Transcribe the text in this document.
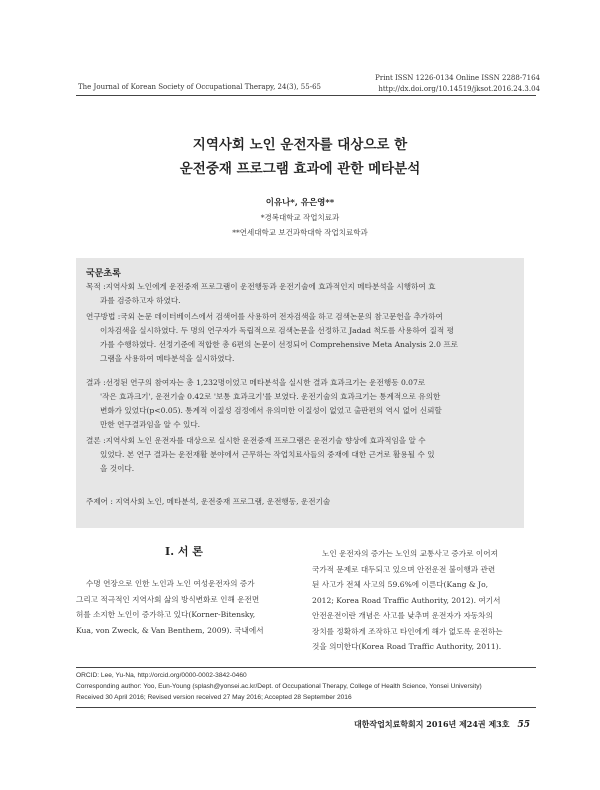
The Journal of Korean Society of Occupational Therapy, 24(3), 55-65
Print ISSN 1226-0134 Online ISSN 2288-7164
http://dx.doi.org/10.14519/jksot.2016.24.3.04
지역사회 노인 운전자를 대상으로 한
운전중재 프로그램 효과에 관한 메타분석
이유나*, 유은영**
*경복대학교 작업치료과
**연세대학교 보건과학대학 작업치료학과
국문초록

목적 :지역사회 노인에게 운전중재 프로그램이 운전행동과 운전기술에 효과적인지 메타분석을 시행하여 효

과를 검증하고자 하였다.

연구방법 :국외 논문 데이터베이스에서 검색어를 사용하여 전자검색을 하고 검색논문의 참고문헌을 추가하여

이차검색을 실시하였다. 두 명의 연구자가 독립적으로 검색논문을 선정하고 Jadad 척도를 사용하여 질적 평

가를 수행하였다. 선정기준에 적합한 총 6편의 논문이 선정되어 Comprehensive Meta Analysis 2.0 프로

그램을 사용하여 메타분석을 실시하였다.

결과 :선정된 연구의 참여자는 총 1,232명이었고 메타분석을 실시한 결과 효과크기는 운전행동 0.07로

'작은 효과크기', 운전기술 0.42로 '보통 효과크기'를 보였다. 운전기술의 효과크기는 통계적으로 유의한

변화가 있었다(p<0.05). 통계적 이질성 검정에서 유의미한 이질성이 없었고 출판편의 역시 없어 신뢰할

만한 연구결과임을 알 수 있다.

결론 :지역사회 노인 운전자를 대상으로 실시한 운전중재 프로그램은 운전기술 향상에 효과적임을 알 수

있었다. 본 연구 결과는 운전재활 분야에서 근무하는 작업치료사들의 중재에 대한 근거로 활용될 수 있

을 것이다.

주제어 : 지역사회 노인, 메타분석, 운전중재 프로그램, 운전행동, 운전기술
Ⅰ. 서 론

수명 연장으로 인한 노인과 노인 여성운전자의 증가

그리고 적극적인 지역사회 삶의 방식변화로 인해 운전면
허를 소지한 노인이 증가하고 있다(Korner-Bitensky,
Kua, von Zweck, & Van Benthem, 2009). 국내에서

노인 운전자의 증가는 노인의 교통사고 증가로 이어져

국가적 문제로 대두되고 있으며 안전운전 불이행과 관련
된 사고가 전체 사고의 59.6%에 이른다(Kang & Jo,
2012; Korea Road Traffic Authority, 2012). 여기서
안전운전이란 개념은 사고를 낮추며 운전자가 자동차의
장치를 정확하게 조작하고 타인에게 해가 없도록 운전하는
것을 의미한다(Korea Road Traffic Authority, 2011).
ORCID: Lee, Yu-Na, http://orcid.org/0000-0002-3842-0460
Corresponding author: Yoo, Eun-Young (splash@yonsei.ac.kr/Dept. of Occupational Therapy, College of Health Science, Yonsei University)
Received 30 April 2016; Revised version received 27 May 2016; Accepted 28 September 2016
대한작업치료학회지 2016년 제24권 제3호 55
